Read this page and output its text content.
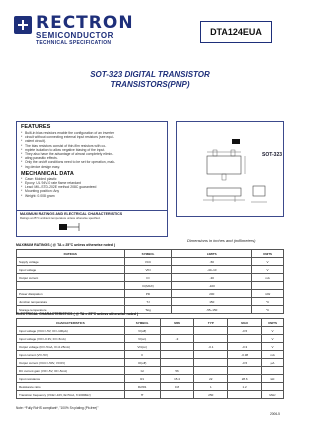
RECTRON
SEMICONDUCTOR
TECHNICAL SPECIFICATION
DTA124EUA
SOT-323 DIGITAL TRANSISTOR
TRANSISTORS(PNP)
FEATURES
* Built-in bias resistors enable the configuration of an inverter
* circuit without connecting external input resistors (see equi-
* valent circuit).
* The bias resistors consist of thin-film resistors with co-
* mplete isolation to allow negative biasing of the input.
* They also have the advantage of almost completely elimin-
* ating parasitic effects.
* Only the on/off conditions need to be set for operation, mak-
* ing device design easy.
MECHANICAL DATA
* Case: Molded plastic
* Epoxy: UL 94V-0 rate flame retardant
* Lead: MIL-STD-202E method 208C guaranteed
* Mounting position: Any
* Weight: 0.008 gram
SOT-323
MAXIMUM RATINGS AND ELECTRICAL CHARACTERISTICS
Ratings at 25°C ambient temperature unless otherwise specified.
Dimensions in inches and (millimeters)
MAXIMUM RATINGS ( @ TA = 25°C unless otherwise noted )
RATINGS	SYMBOL	LIMITS	UNITS
Supply voltage	VCC	-50	V
Input voltage	VIN	-40~10	V
Output current	IO	-30	mA
	IC(MAX)	-100	
Power dissipation	PD	200	mW
Junction temperature	TJ	150	°C
Storage temperature	Tstg	-55~150	°C
ELECTRICAL CHARACTERISTICS ( @ TA = 25°C unless otherwise noted )
CHARACTERISTICS	SYMBOL	MIN	TYP	MAX	UNITS
Input voltage (VCC=-5V, IO=-100μA)	VI(off)			-0.5	V
Input voltage (VO=-0.3V, IO=-5mA)	VI(on)	-3			V
Output voltage (IO=-5mA, II=-0.25mA)	VO(on)		-0.1	-0.3	V
Input current (VI=-5V)	II			-0.38	mA
Output current (VCC=-50V, VI=0V)	IO(off)			-0.5	μA
DC current gain (VO=-5V, IO=-5mA)	GI	56			
Input resistance	R1	15.4	22	28.6	kΩ
Resistance ratio	R2/R1	0.8	1	1.2	
Transition frequency (VCE=-10V, IE=5mA, f=100MHz)	fT		250		MHz
Note: *Fully RoHS compliant*, "100% Sn plating (Pb-free)"
2006-5
